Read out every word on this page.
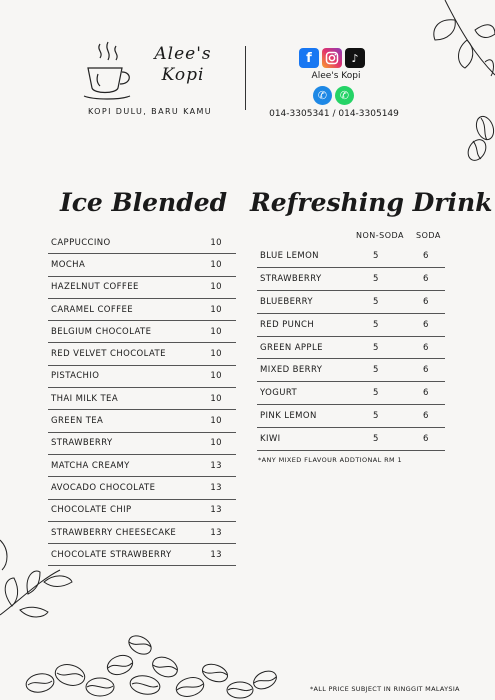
Alee's
Kopi
KOPI DULU, BARU KAMU
f	♪
Alee's Kopi
✆	✆
014-3305341 / 014-3305149
Ice Blended
CAPPUCCINO	10
MOCHA	10
HAZELNUT COFFEE	10
CARAMEL COFFEE	10
BELGIUM CHOCOLATE	10
RED VELVET CHOCOLATE	10
PISTACHIO	10
THAI MILK TEA	10
GREEN TEA	10
STRAWBERRY	10
MATCHA CREAMY	13
AVOCADO CHOCOLATE	13
CHOCOLATE CHIP	13
STRAWBERRY CHEESECAKE	13
CHOCOLATE STRAWBERRY	13
Refreshing Drink
NON-SODA SODA
BLUE LEMON	5	6
STRAWBERRY	5	6
BLUEBERRY	5	6
RED PUNCH	5	6
GREEN APPLE	5	6
MIXED BERRY	5	6
YOGURT	5	6
PINK LEMON	5	6
KIWI	5	6
*ANY MIXED FLAVOUR ADDTIONAL RM 1
*ALL PRICE SUBJECT IN RINGGIT MALAYSIA
